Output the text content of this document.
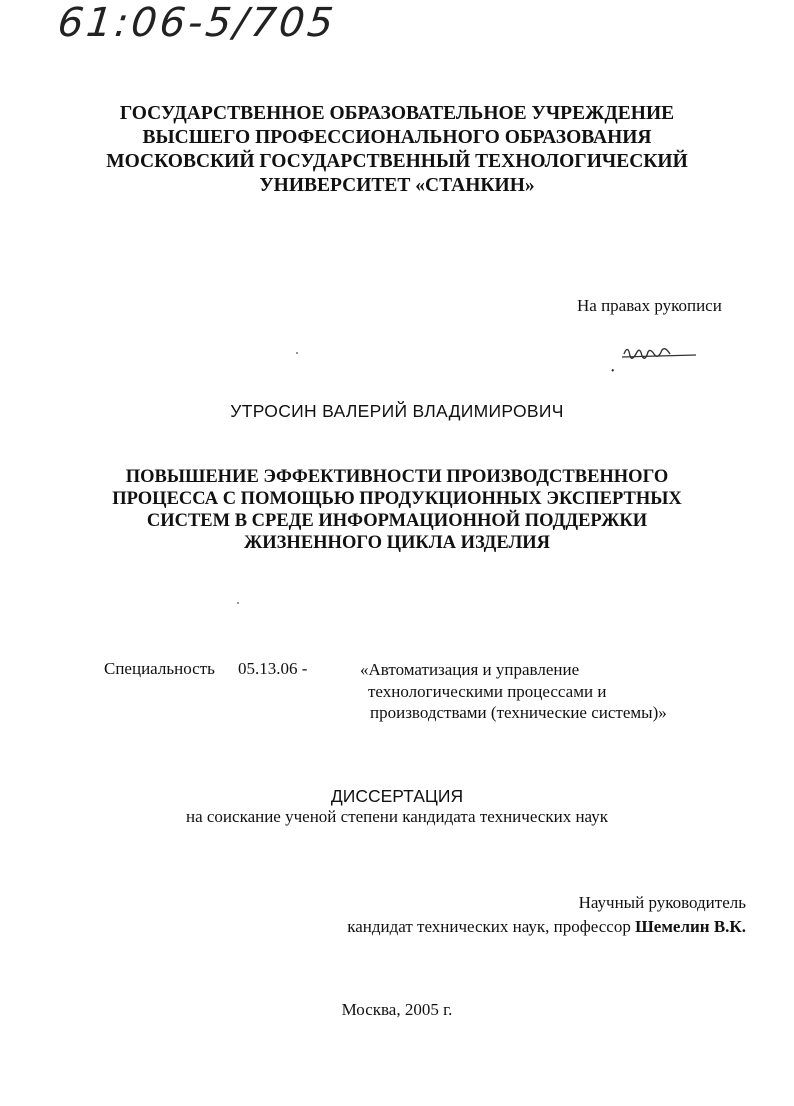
61:06-5/705
ГОСУДАРСТВЕННОЕ ОБРАЗОВАТЕЛЬНОЕ УЧРЕЖДЕНИЕ
ВЫСШЕГО ПРОФЕССИОНАЛЬНОГО ОБРАЗОВАНИЯ
МОСКОВСКИЙ ГОСУДАРСТВЕННЫЙ ТЕХНОЛОГИЧЕСКИЙ
УНИВЕРСИТЕТ «СТАНКИН»
На правах рукописи
УТРОСИН ВАЛЕРИЙ ВЛАДИМИРОВИЧ
ПОВЫШЕНИЕ ЭФФЕКТИВНОСТИ ПРОИЗВОДСТВЕННОГО
ПРОЦЕССА С ПОМОЩЬЮ ПРОДУКЦИОННЫХ ЭКСПЕРТНЫХ
СИСТЕМ В СРЕДЕ ИНФОРМАЦИОННОЙ ПОДДЕРЖКИ
ЖИЗНЕННОГО ЦИКЛА ИЗДЕЛИЯ
Специальность 05.13.06 -	«Автоматизация и управление
технологическими процессами и
производствами (технические системы)»
ДИССЕРТАЦИЯ
на соискание ученой степени кандидата технических наук
Научный руководитель
кандидат технических наук, профессор Шемелин В.К.
Москва, 2005 г.
